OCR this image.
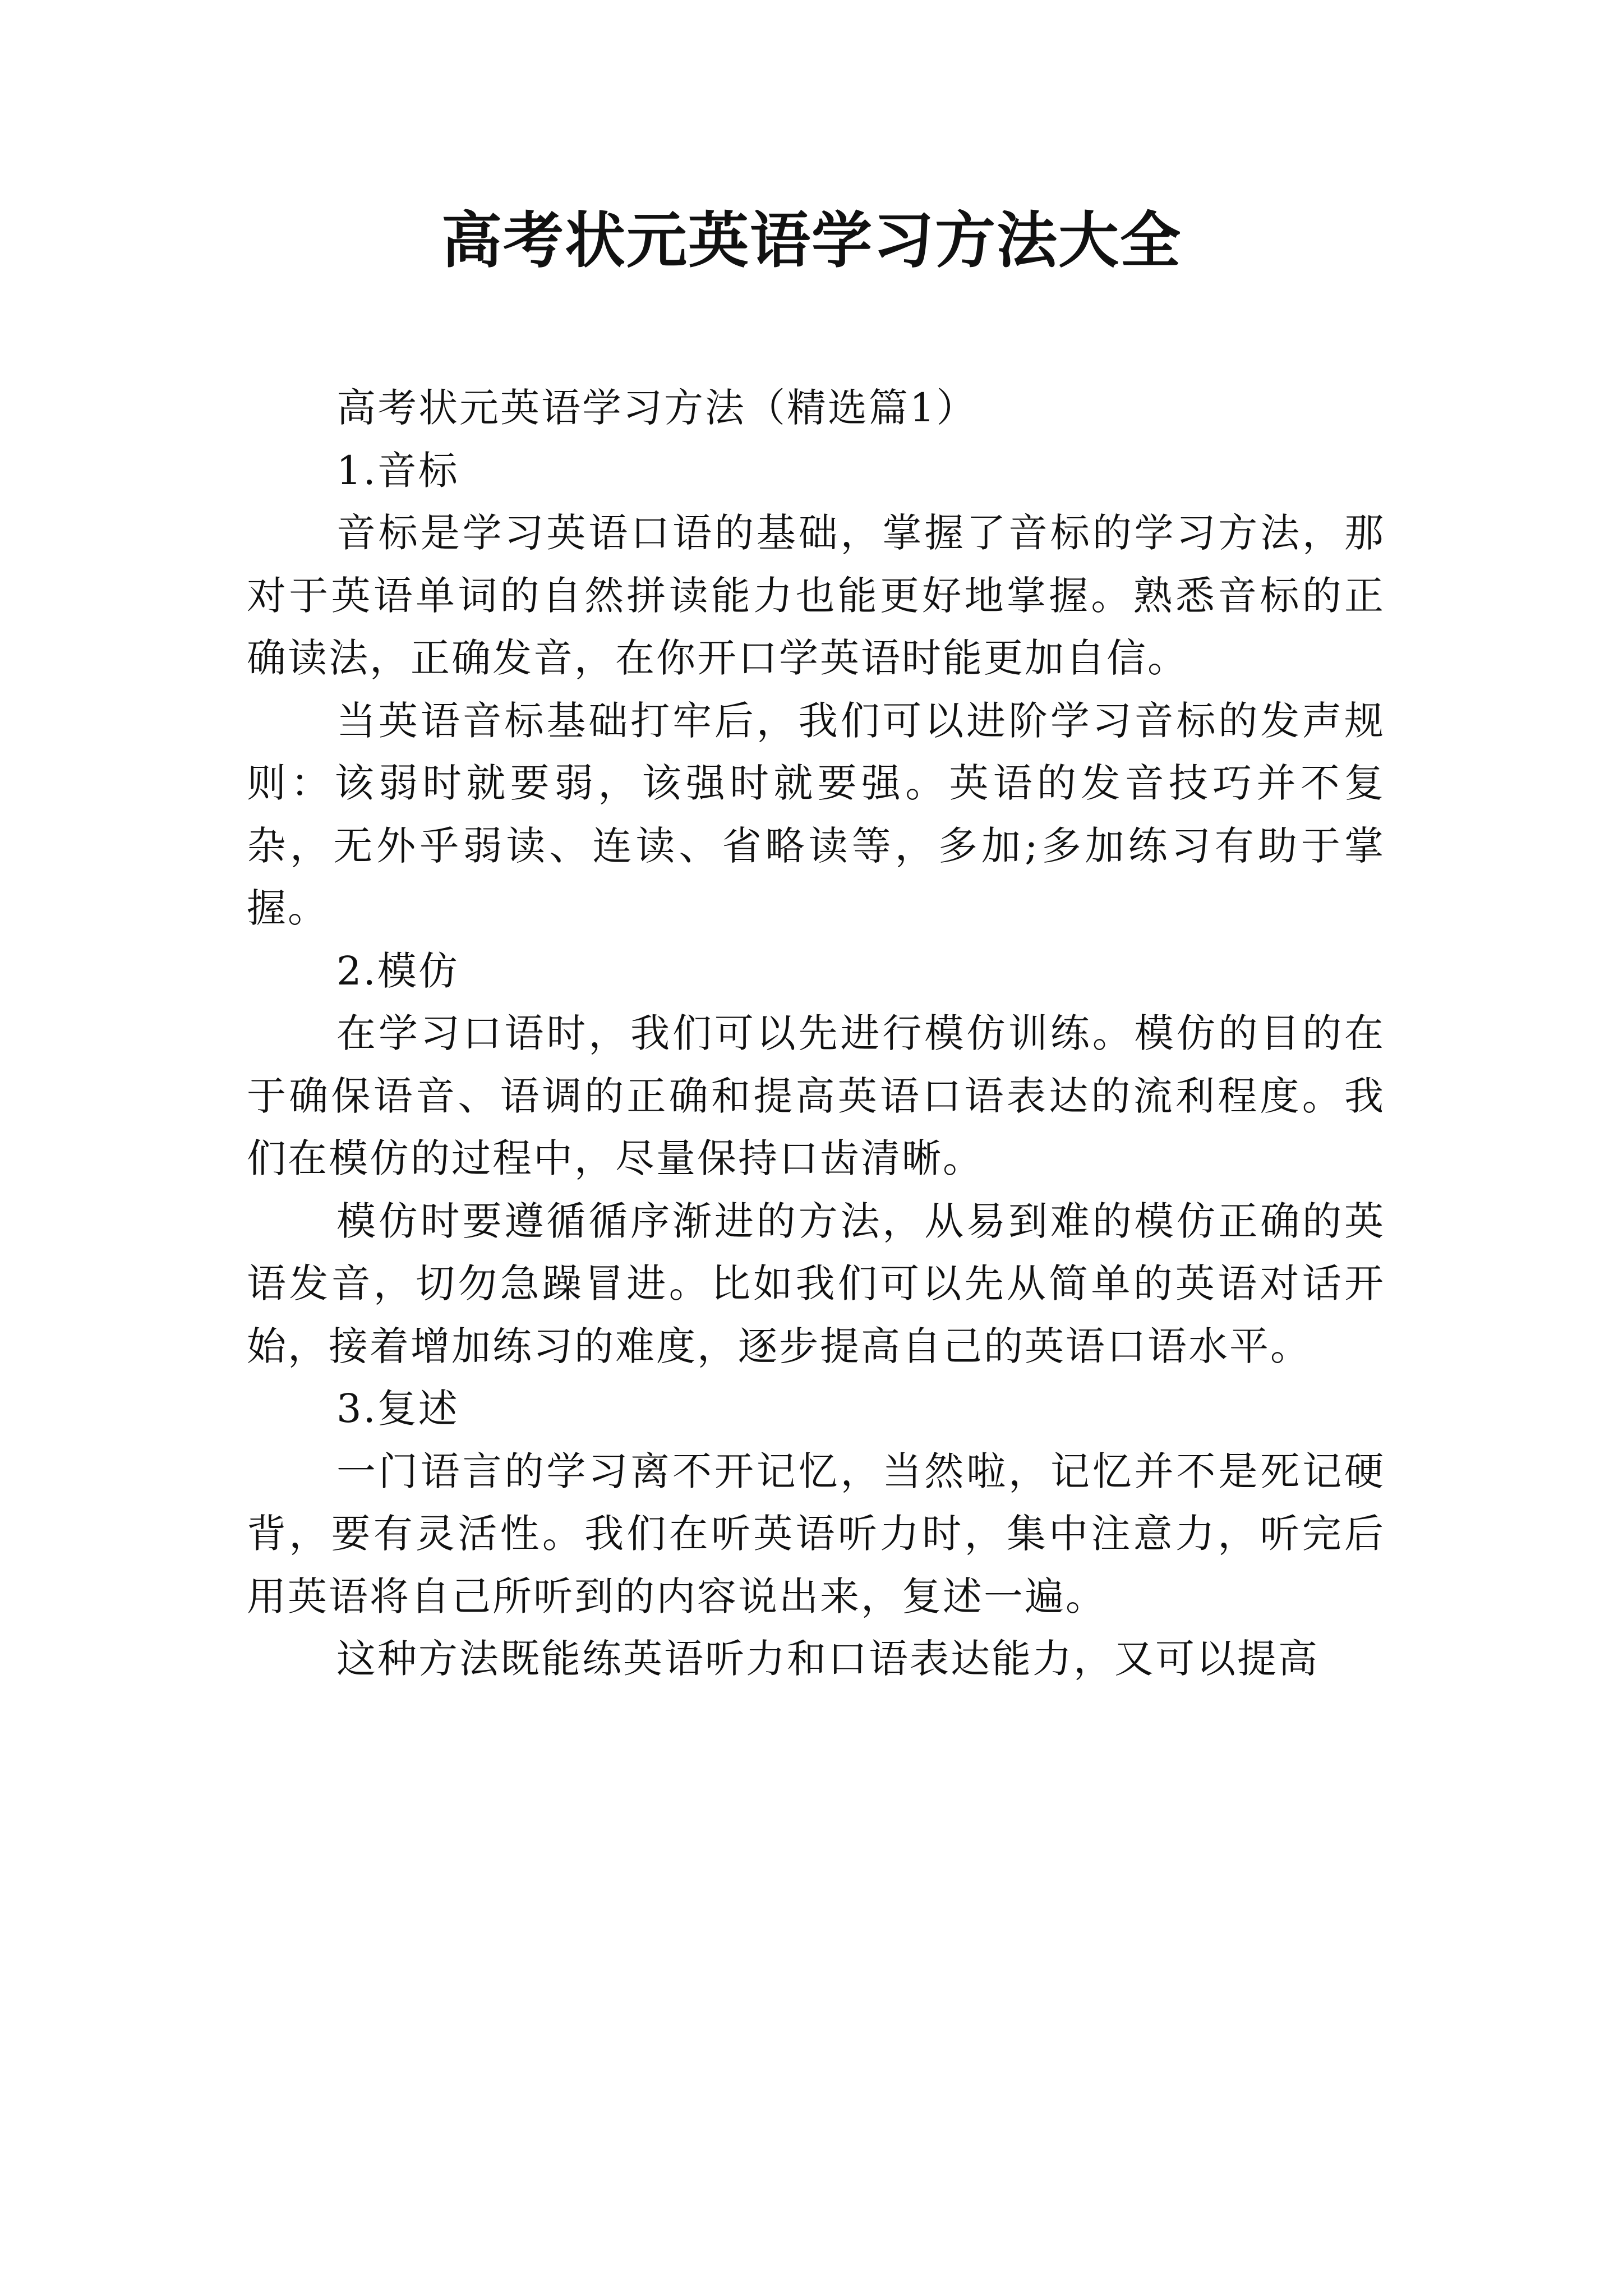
高考状元英语学习方法大全

高考状元英语学习方法（精选篇1）

1.音标

音标是学习英语口语的基础，掌握了音标的学习方法，那对于英语单词的自然拼读能力也能更好地掌握。熟悉音标的正确读法，正确发音，在你开口学英语时能更加自信。

当英语音标基础打牢后，我们可以进阶学习音标的发声规则：该弱时就要弱，该强时就要强。英语的发音技巧并不复杂，无外乎弱读、连读、省略读等，多加;多加练习有助于掌握。

2.模仿

在学习口语时，我们可以先进行模仿训练。模仿的目的在于确保语音、语调的正确和提高英语口语表达的流利程度。我们在模仿的过程中，尽量保持口齿清晰。

模仿时要遵循循序渐进的方法，从易到难的模仿正确的英语发音，切勿急躁冒进。比如我们可以先从简单的英语对话开始，接着增加练习的难度，逐步提高自己的英语口语水平。

3.复述

一门语言的学习离不开记忆，当然啦，记忆并不是死记硬背，要有灵活性。我们在听英语听力时，集中注意力，听完后用英语将自己所听到的内容说出来，复述一遍。

这种方法既能练英语听力和口语表达能力，又可以提高
